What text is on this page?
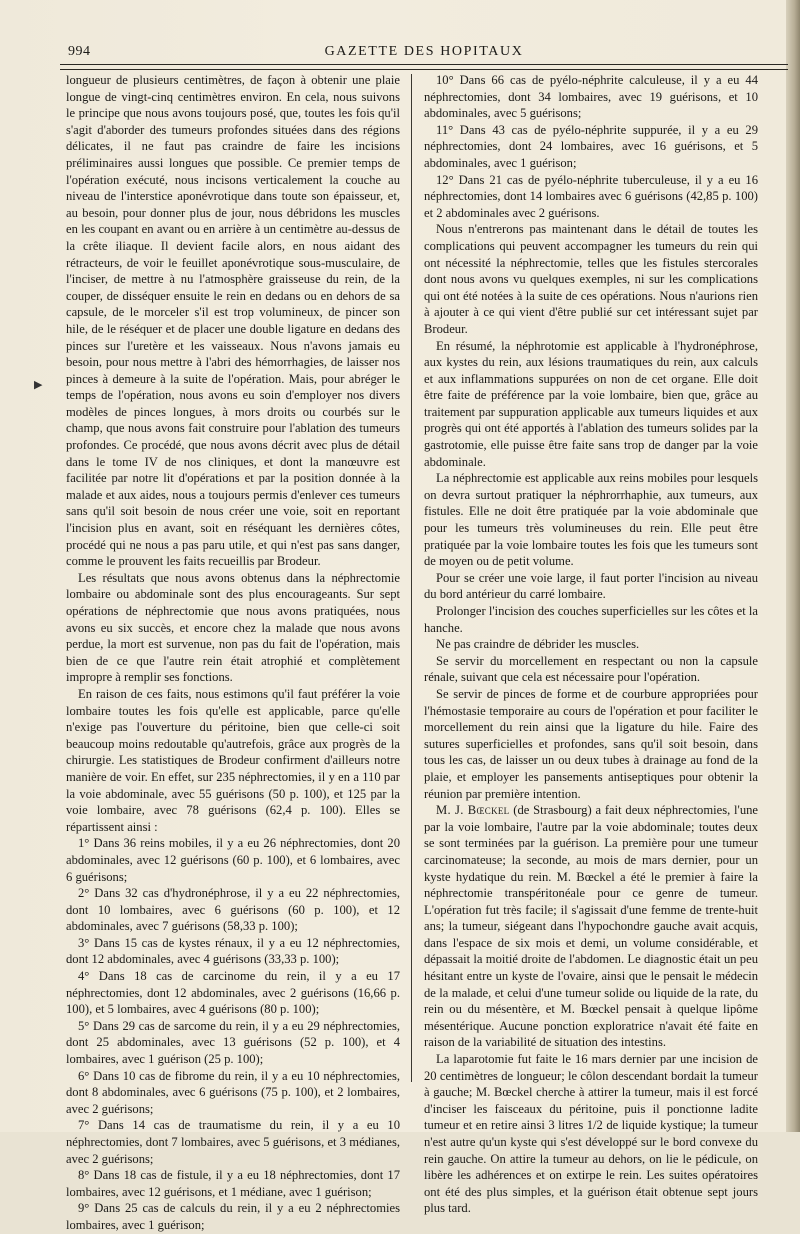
994	GAZETTE DES HOPITAUX
▶

longueur de plusieurs centimètres, de façon à obtenir une plaie longue de vingt-cinq centimètres environ. En cela, nous suivons le principe que nous avons toujours posé, que, toutes les fois qu'il s'agit d'aborder des tumeurs profondes situées dans des régions délicates, il ne faut pas craindre de faire les incisions préliminaires aussi longues que possible. Ce premier temps de l'opération exécuté, nous incisons verticalement la couche au niveau de l'interstice aponévrotique dans toute son épaisseur, et, au besoin, pour donner plus de jour, nous débridons les muscles en les coupant en avant ou en arrière à un centimètre au-dessus de la crête iliaque. Il devient facile alors, en nous aidant des rétracteurs, de voir le feuillet aponévrotique sous-musculaire, de l'inciser, de mettre à nu l'atmosphère graisseuse du rein, de la couper, de disséquer ensuite le rein en dedans ou en dehors de sa capsule, de le morceler s'il est trop volumineux, de pincer son hile, de le réséquer et de placer une double ligature en dedans des pinces sur l'uretère et les vaisseaux. Nous n'avons jamais eu besoin, pour nous mettre à l'abri des hémorrhagies, de laisser nos pinces à demeure à la suite de l'opération. Mais, pour abréger le temps de l'opération, nous avons eu soin d'employer nos divers modèles de pinces longues, à mors droits ou courbés sur le champ, que nous avons fait construire pour l'ablation des tumeurs profondes. Ce procédé, que nous avons décrit avec plus de détail dans le tome IV de nos cliniques, et dont la manœuvre est facilitée par notre lit d'opérations et par la position donnée à la malade et aux aides, nous a toujours permis d'enlever ces tumeurs sans qu'il soit besoin de nous créer une voie, soit en reportant l'incision plus en avant, soit en réséquant les dernières côtes, procédé qui ne nous a pas paru utile, et qui n'est pas sans danger, comme le prouvent les faits recueillis par Brodeur.

Les résultats que nous avons obtenus dans la néphrectomie lombaire ou abdominale sont des plus encourageants. Sur sept opérations de néphrectomie que nous avons pratiquées, nous avons eu six succès, et encore chez la malade que nous avons perdue, la mort est survenue, non pas du fait de l'opération, mais bien de ce que l'autre rein était atrophié et complètement impropre à remplir ses fonctions.

En raison de ces faits, nous estimons qu'il faut préférer la voie lombaire toutes les fois qu'elle est applicable, parce qu'elle n'exige pas l'ouverture du péritoine, bien que celle-ci soit beaucoup moins redoutable qu'autrefois, grâce aux progrès de la chirurgie. Les statistiques de Brodeur confirment d'ailleurs notre manière de voir. En effet, sur 235 néphrectomies, il y en a 110 par la voie abdominale, avec 55 guérisons (50 p. 100), et 125 par la voie lombaire, avec 78 guérisons (62,4 p. 100). Elles se répartissent ainsi :

1° Dans 36 reins mobiles, il y a eu 26 néphrectomies, dont 20 abdominales, avec 12 guérisons (60 p. 100), et 6 lombaires, avec 6 guérisons;

2° Dans 32 cas d'hydronéphrose, il y a eu 22 néphrectomies, dont 10 lombaires, avec 6 guérisons (60 p. 100), et 12 abdominales, avec 7 guérisons (58,33 p. 100);

3° Dans 15 cas de kystes rénaux, il y a eu 12 néphrectomies, dont 12 abdominales, avec 4 guérisons (33,33 p. 100);

4° Dans 18 cas de carcinome du rein, il y a eu 17 néphrectomies, dont 12 abdominales, avec 2 guérisons (16,66 p. 100), et 5 lombaires, avec 4 guérisons (80 p. 100);

5° Dans 29 cas de sarcome du rein, il y a eu 29 néphrectomies, dont 25 abdominales, avec 13 guérisons (52 p. 100), et 4 lombaires, avec 1 guérison (25 p. 100);

6° Dans 10 cas de fibrome du rein, il y a eu 10 néphrectomies, dont 8 abdominales, avec 6 guérisons (75 p. 100), et 2 lombaires, avec 2 guérisons;

7° Dans 14 cas de traumatisme du rein, il y a eu 10 néphrectomies, dont 7 lombaires, avec 5 guérisons, et 3 médianes, avec 2 guérisons;

8° Dans 18 cas de fistule, il y a eu 18 néphrectomies, dont 17 lombaires, avec 12 guérisons, et 1 médiane, avec 1 guérison;

9° Dans 25 cas de calculs du rein, il y a eu 2 néphrectomies lombaires, avec 1 guérison;

10° Dans 66 cas de pyélo-néphrite calculeuse, il y a eu 44 néphrectomies, dont 34 lombaires, avec 19 guérisons, et 10 abdominales, avec 5 guérisons;

11° Dans 43 cas de pyélo-néphrite suppurée, il y a eu 29 néphrectomies, dont 24 lombaires, avec 16 guérisons, et 5 abdominales, avec 1 guérison;

12° Dans 21 cas de pyélo-néphrite tuberculeuse, il y a eu 16 néphrectomies, dont 14 lombaires avec 6 guérisons (42,85 p. 100) et 2 abdominales avec 2 guérisons.

Nous n'entrerons pas maintenant dans le détail de toutes les complications qui peuvent accompagner les tumeurs du rein qui ont nécessité la néphrectomie, telles que les fistules stercorales dont nous avons vu quelques exemples, ni sur les complications qui ont été notées à la suite de ces opérations. Nous n'aurions rien à ajouter à ce qui vient d'être publié sur cet intéressant sujet par Brodeur.

En résumé, la néphrotomie est applicable à l'hydronéphrose, aux kystes du rein, aux lésions traumatiques du rein, aux calculs et aux inflammations suppurées on non de cet organe. Elle doit être faite de préférence par la voie lombaire, bien que, grâce au traitement par suppuration applicable aux tumeurs liquides et aux progrès qui ont été apportés à l'ablation des tumeurs solides par la gastrotomie, elle puisse être faite sans trop de danger par la voie abdominale.

La néphrectomie est applicable aux reins mobiles pour lesquels on devra surtout pratiquer la néphrorrhaphie, aux tumeurs, aux fistules. Elle ne doit être pratiquée par la voie abdominale que pour les tumeurs très volumineuses du rein. Elle peut être pratiquée par la voie lombaire toutes les fois que les tumeurs sont de moyen ou de petit volume.

Pour se créer une voie large, il faut porter l'incision au niveau du bord antérieur du carré lombaire.

Prolonger l'incision des couches superficielles sur les côtes et la hanche.

Ne pas craindre de débrider les muscles.

Se servir du morcellement en respectant ou non la capsule rénale, suivant que cela est nécessaire pour l'opération.

Se servir de pinces de forme et de courbure appropriées pour l'hémostasie temporaire au cours de l'opération et pour faciliter le morcellement du rein ainsi que la ligature du hile. Faire des sutures superficielles et profondes, sans qu'il soit besoin, dans tous les cas, de laisser un ou deux tubes à drainage au fond de la plaie, et employer les pansements antiseptiques pour obtenir la réunion par première intention.

M. J. Bœckel (de Strasbourg) a fait deux néphrectomies, l'une par la voie lombaire, l'autre par la voie abdominale; toutes deux se sont terminées par la guérison. La première pour une tumeur carcinomateuse; la seconde, au mois de mars dernier, pour un kyste hydatique du rein. M. Bœckel a été le premier à faire la néphrectomie transpéritonéale pour ce genre de tumeur. L'opération fut très facile; il s'agissait d'une femme de trente-huit ans; la tumeur, siégeant dans l'hypochondre gauche avait acquis, dans l'espace de six mois et demi, un volume considérable, et dépassait la moitié droite de l'abdomen. Le diagnostic était un peu hésitant entre un kyste de l'ovaire, ainsi que le pensait le médecin de la malade, et celui d'une tumeur solide ou liquide de la rate, du rein ou du mésentère, et M. Bœckel pensait à quelque lipôme mésentérique. Aucune ponction exploratrice n'avait été faite en raison de la variabilité de situation des intestins.

La laparotomie fut faite le 16 mars dernier par une incision de 20 centimètres de longueur; le côlon descendant bordait la tumeur à gauche; M. Bœckel cherche à attirer la tumeur, mais il est forcé d'inciser les faisceaux du péritoine, puis il ponctionne ladite tumeur et en retire ainsi 3 litres 1/2 de liquide kystique; la tumeur n'est autre qu'un kyste qui s'est développé sur le bord convexe du rein gauche. On attire la tumeur au dehors, on lie le pédicule, on libère les adhérences et on extirpe le rein. Les suites opératoires ont été des plus simples, et la guérison était obtenue sept jours plus tard.
